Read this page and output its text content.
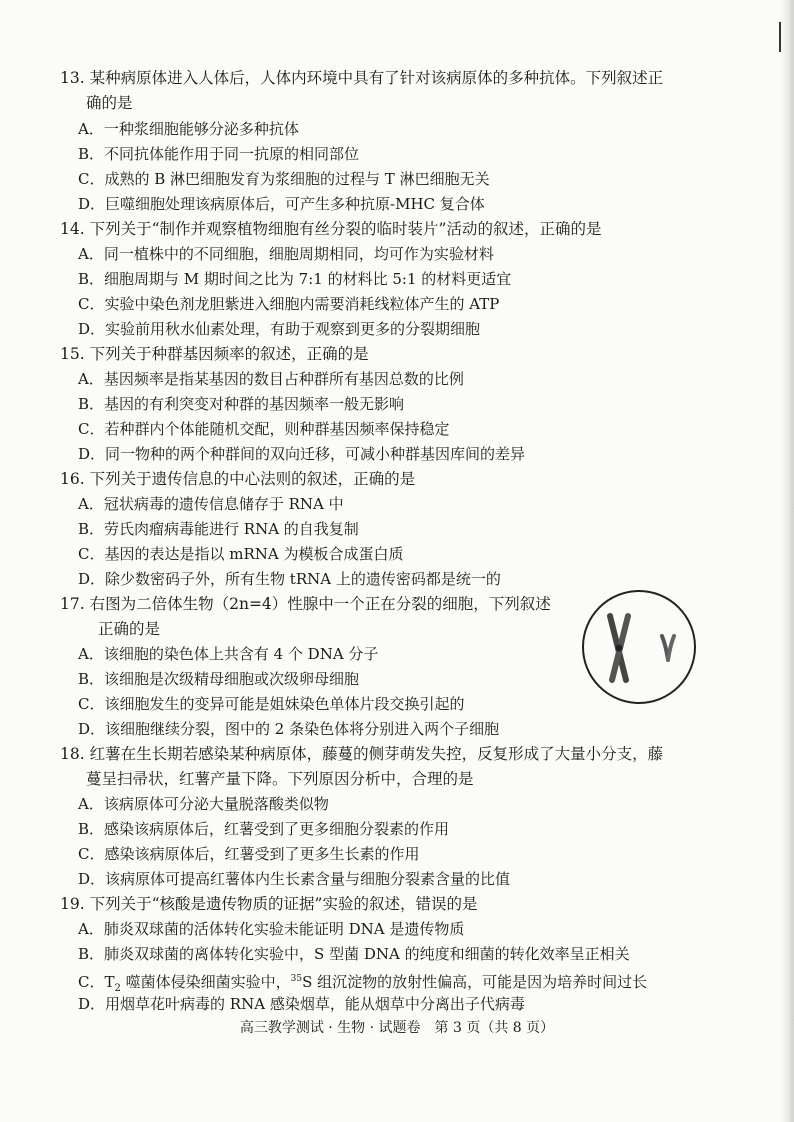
13. 某种病原体进入人体后，人体内环境中具有了针对该病原体的多种抗体。下列叙述正
确的是
A．一种浆细胞能够分泌多种抗体
B．不同抗体能作用于同一抗原的相同部位
C．成熟的 B 淋巴细胞发育为浆细胞的过程与 T 淋巴细胞无关
D．巨噬细胞处理该病原体后，可产生多种抗原-MHC 复合体
14. 下列关于“制作并观察植物细胞有丝分裂的临时装片”活动的叙述，正确的是
A．同一植株中的不同细胞，细胞周期相同，均可作为实验材料
B．细胞周期与 M 期时间之比为 7:1 的材料比 5:1 的材料更适宜
C．实验中染色剂龙胆紫进入细胞内需要消耗线粒体产生的 ATP
D．实验前用秋水仙素处理，有助于观察到更多的分裂期细胞
15. 下列关于种群基因频率的叙述，正确的是
A．基因频率是指某基因的数目占种群所有基因总数的比例
B．基因的有利突变对种群的基因频率一般无影响
C．若种群内个体能随机交配，则种群基因频率保持稳定
D．同一物种的两个种群间的双向迁移，可减小种群基因库间的差异
16. 下列关于遗传信息的中心法则的叙述，正确的是
A．冠状病毒的遗传信息储存于 RNA 中
B．劳氏肉瘤病毒能进行 RNA 的自我复制
C．基因的表达是指以 mRNA 为模板合成蛋白质
D．除少数密码子外，所有生物 tRNA 上的遗传密码都是统一的
17. 右图为二倍体生物（2n=4）性腺中一个正在分裂的细胞，下列叙述
正确的是
A．该细胞的染色体上共含有 4 个 DNA 分子
B．该细胞是次级精母细胞或次级卵母细胞
C．该细胞发生的变异可能是姐妹染色单体片段交换引起的
D．该细胞继续分裂，图中的 2 条染色体将分别进入两个子细胞
18. 红薯在生长期若感染某种病原体，藤蔓的侧芽萌发失控，反复形成了大量小分支，藤
蔓呈扫帚状，红薯产量下降。下列原因分析中，合理的是
A．该病原体可分泌大量脱落酸类似物
B．感染该病原体后，红薯受到了更多细胞分裂素的作用
C．感染该病原体后，红薯受到了更多生长素的作用
D．该病原体可提高红薯体内生长素含量与细胞分裂素含量的比值
19. 下列关于“核酸是遗传物质的证据”实验的叙述，错误的是
A．肺炎双球菌的活体转化实验未能证明 DNA 是遗传物质
B．肺炎双球菌的离体转化实验中，S 型菌 DNA 的纯度和细菌的转化效率呈正相关
C．$T_2$ 噬菌体侵染细菌实验中，$^{35}$S 组沉淀物的放射性偏高，可能是因为培养时间过长
D．用烟草花叶病毒的 RNA 感染烟草，能从烟草中分离出子代病毒
高三教学测试 · 生物 · 试题卷　第 3 页（共 8 页）
